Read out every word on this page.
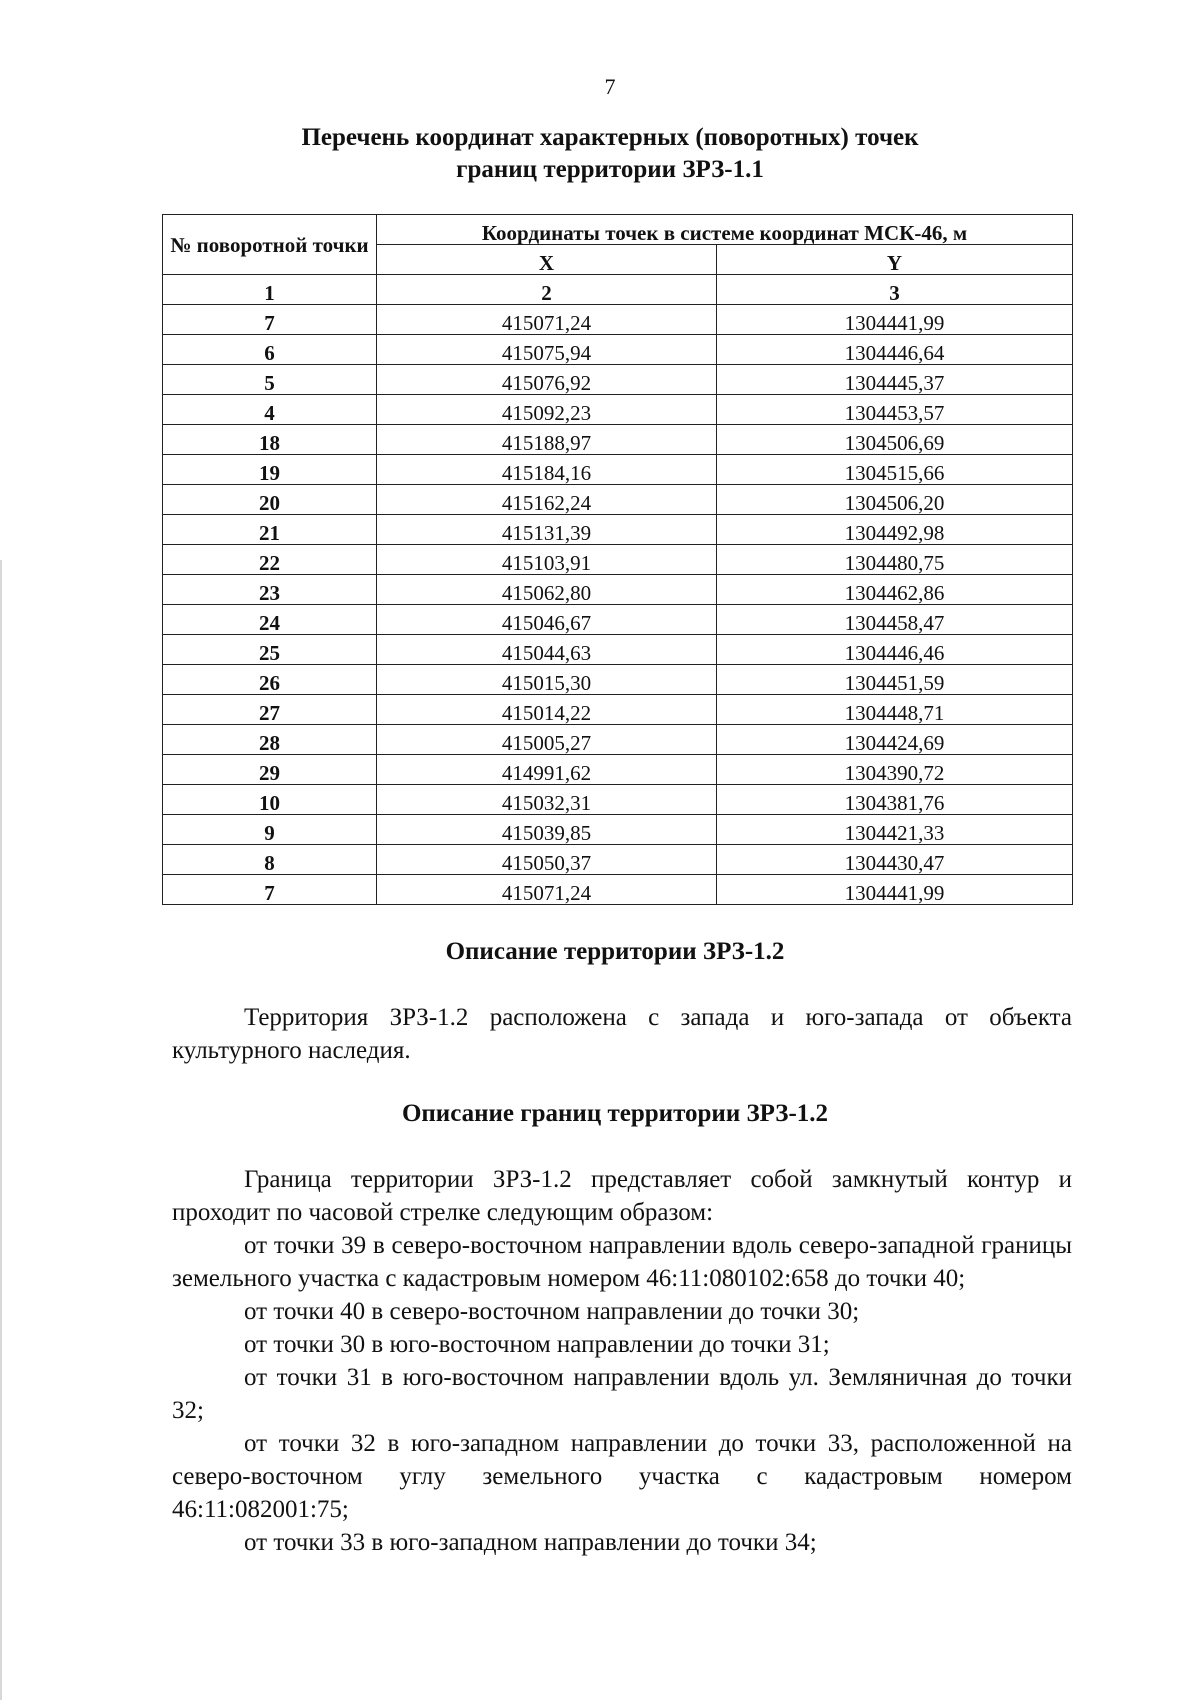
7
Перечень координат характерных (поворотных) точек
границ территории ЗРЗ-1.1
№ поворотной точки	Координаты точек в системе координат МСК-46, м	
	X	Y
1	2	3
7	415071,24	1304441,99
6	415075,94	1304446,64
5	415076,92	1304445,37
4	415092,23	1304453,57
18	415188,97	1304506,69
19	415184,16	1304515,66
20	415162,24	1304506,20
21	415131,39	1304492,98
22	415103,91	1304480,75
23	415062,80	1304462,86
24	415046,67	1304458,47
25	415044,63	1304446,46
26	415015,30	1304451,59
27	415014,22	1304448,71
28	415005,27	1304424,69
29	414991,62	1304390,72
10	415032,31	1304381,76
9	415039,85	1304421,33
8	415050,37	1304430,47
7	415071,24	1304441,99
Описание территории ЗРЗ-1.2

Территория ЗРЗ-1.2 расположена с запада и юго-запада от объекта культурного наследия.

Описание границ территории ЗРЗ-1.2

Граница территории ЗРЗ-1.2 представляет собой замкнутый контур и проходит по часовой стрелке следующим образом:

от точки 39 в северо-восточном направлении вдоль северо-западной границы земельного участка с кадастровым номером 46:11:080102:658 до точки 40;

от точки 40 в северо-восточном направлении до точки 30;

от точки 30 в юго-восточном направлении до точки 31;

от точки 31 в юго-восточном направлении вдоль ул. Земляничная до точки 32;

от точки 32 в юго-западном направлении до точки 33, расположенной на северо-восточном углу земельного участка с кадастровым номером 46:11:082001:75;

от точки 33 в юго-западном направлении до точки 34;
